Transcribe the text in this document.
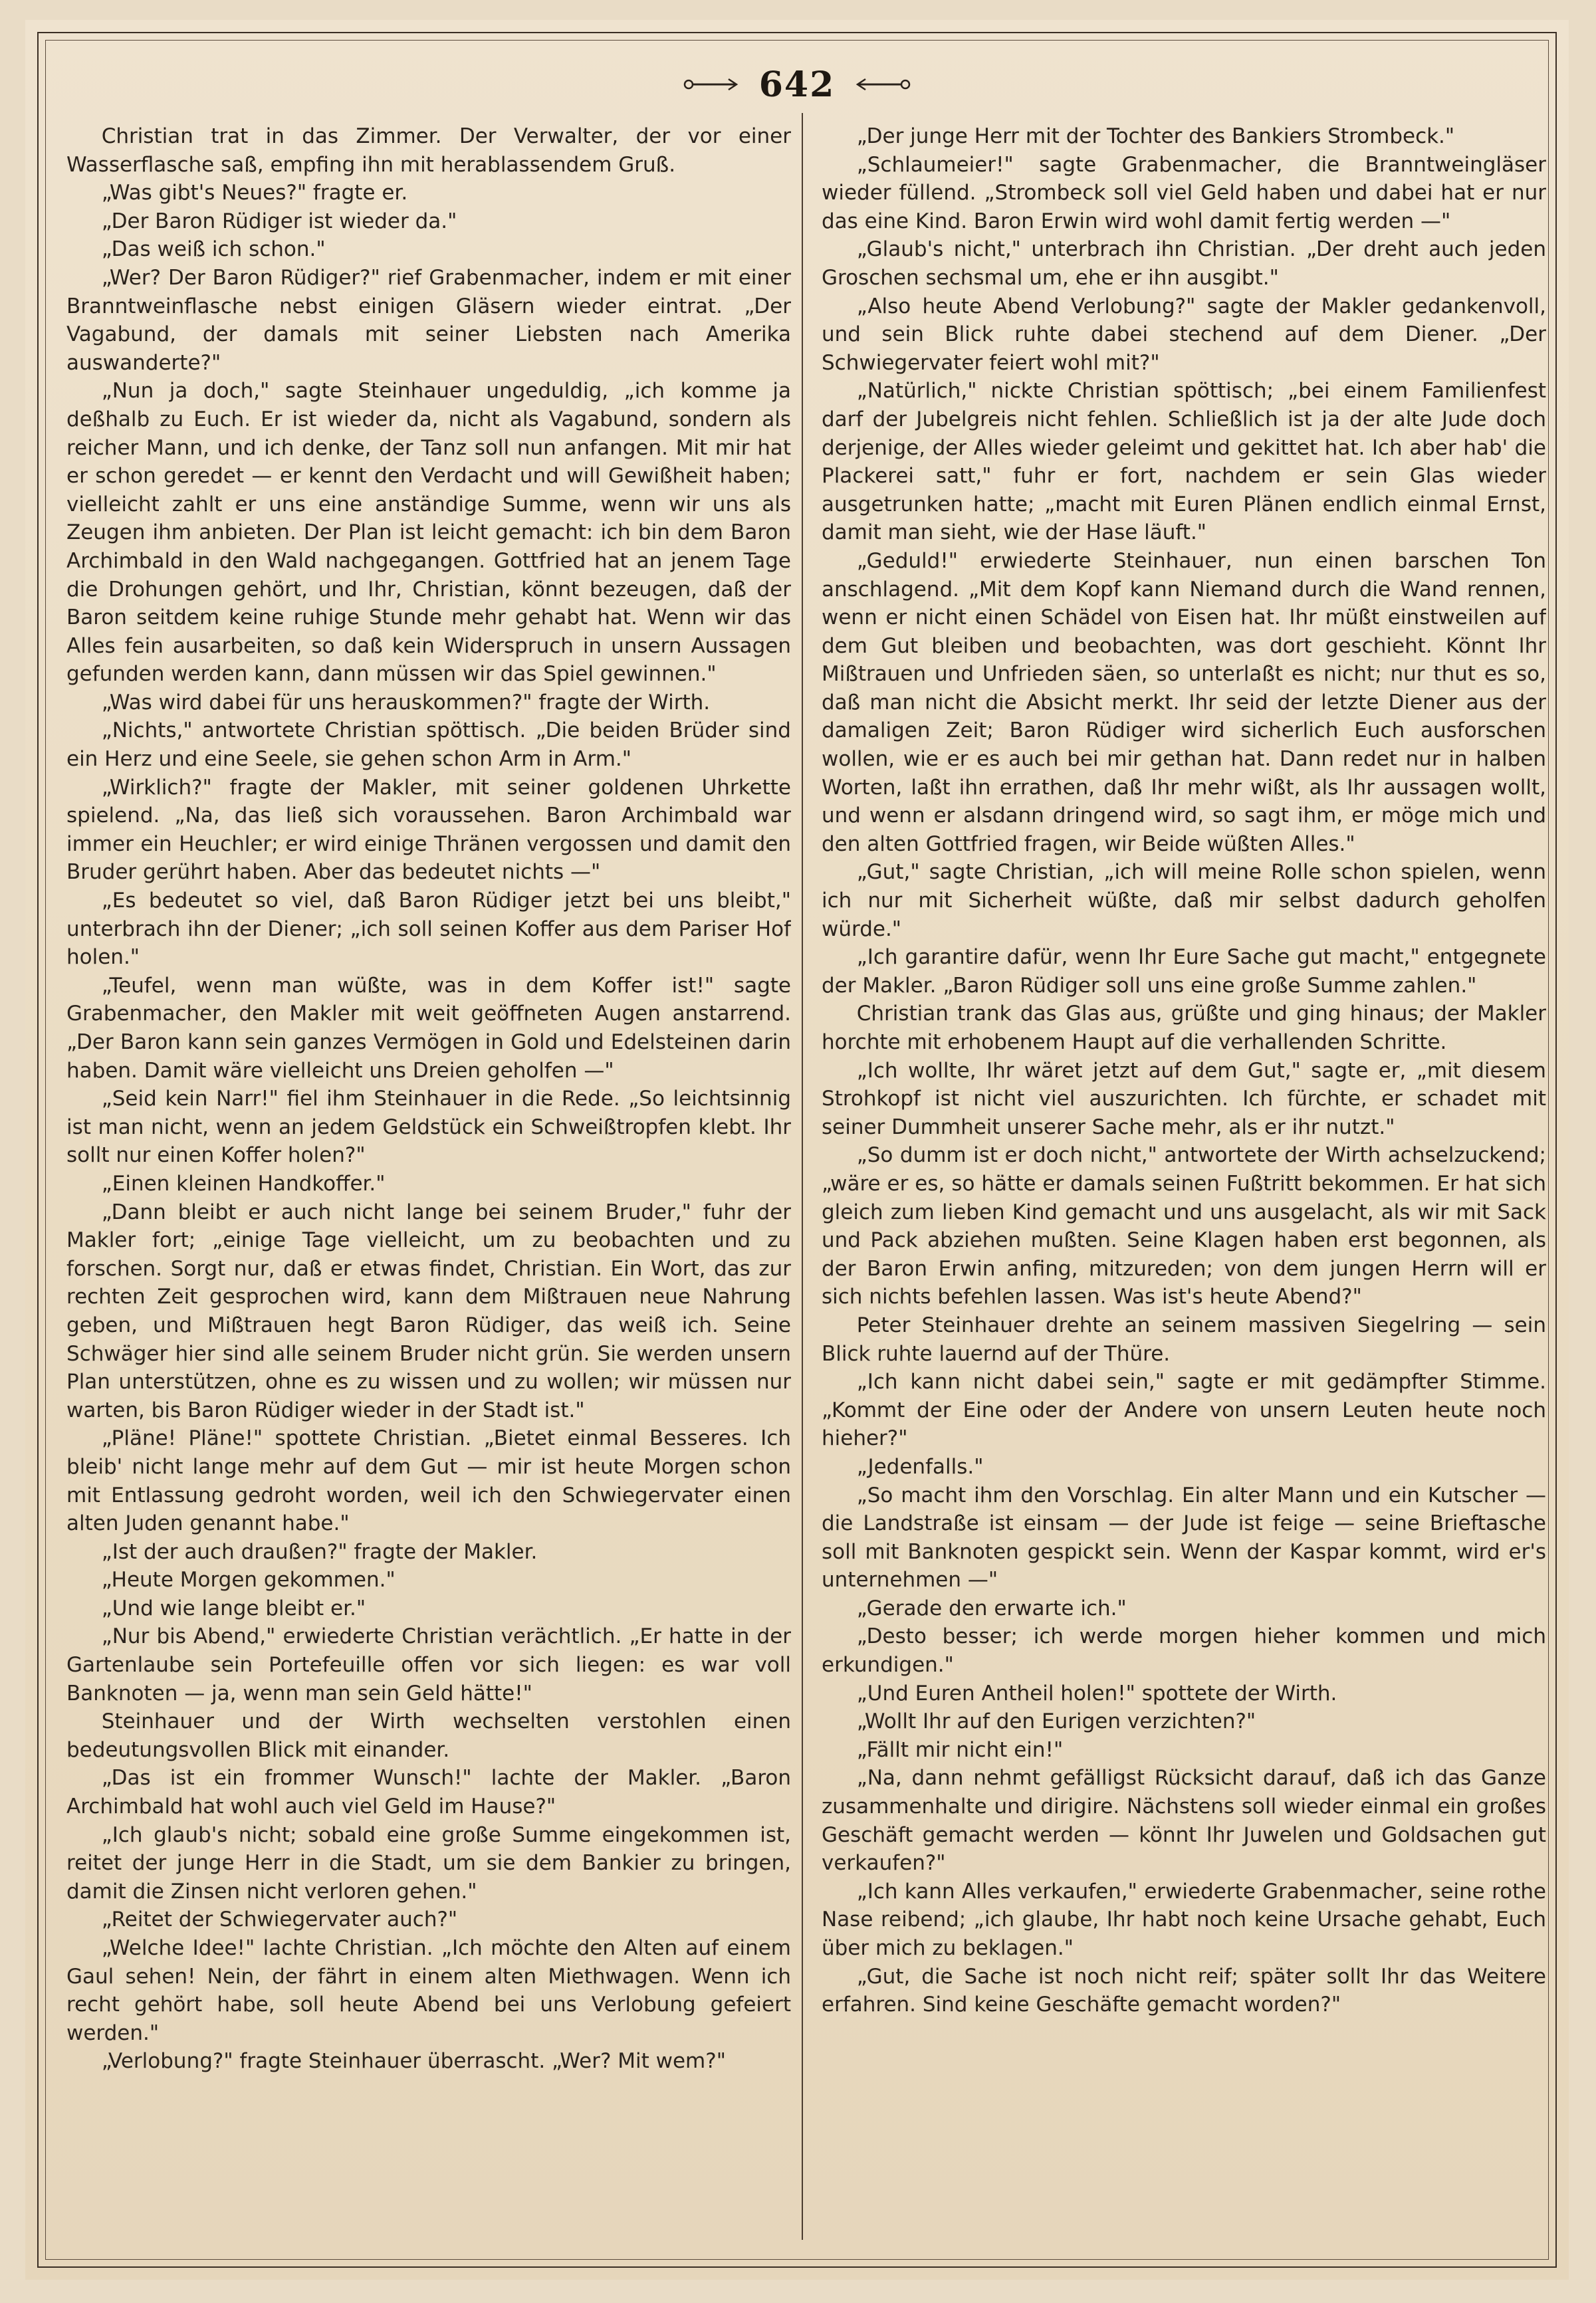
642

Christian trat in das Zimmer. Der Verwalter, der vor einer Wasserflasche saß, empfing ihn mit herablassendem Gruß.

„Was gibt's Neues?" fragte er.

„Der Baron Rüdiger ist wieder da."

„Das weiß ich schon."

„Wer? Der Baron Rüdiger?" rief Grabenmacher, indem er mit einer Branntweinflasche nebst einigen Gläsern wieder eintrat. „Der Vagabund, der damals mit seiner Liebsten nach Amerika auswanderte?"

„Nun ja doch," sagte Steinhauer ungeduldig, „ich komme ja deßhalb zu Euch. Er ist wieder da, nicht als Vagabund, sondern als reicher Mann, und ich denke, der Tanz soll nun anfangen. Mit mir hat er schon geredet — er kennt den Verdacht und will Gewißheit haben; vielleicht zahlt er uns eine anständige Summe, wenn wir uns als Zeugen ihm anbieten. Der Plan ist leicht gemacht: ich bin dem Baron Archimbald in den Wald nachgegangen. Gottfried hat an jenem Tage die Drohungen gehört, und Ihr, Christian, könnt bezeugen, daß der Baron seitdem keine ruhige Stunde mehr gehabt hat. Wenn wir das Alles fein ausarbeiten, so daß kein Widerspruch in unsern Aussagen gefunden werden kann, dann müssen wir das Spiel gewinnen."

„Was wird dabei für uns herauskommen?" fragte der Wirth.

„Nichts," antwortete Christian spöttisch. „Die beiden Brüder sind ein Herz und eine Seele, sie gehen schon Arm in Arm."

„Wirklich?" fragte der Makler, mit seiner goldenen Uhrkette spielend. „Na, das ließ sich voraussehen. Baron Archimbald war immer ein Heuchler; er wird einige Thränen vergossen und damit den Bruder gerührt haben. Aber das bedeutet nichts —"

„Es bedeutet so viel, daß Baron Rüdiger jetzt bei uns bleibt," unterbrach ihn der Diener; „ich soll seinen Koffer aus dem Pariser Hof holen."

„Teufel, wenn man wüßte, was in dem Koffer ist!" sagte Grabenmacher, den Makler mit weit geöffneten Augen anstarrend. „Der Baron kann sein ganzes Vermögen in Gold und Edelsteinen darin haben. Damit wäre vielleicht uns Dreien geholfen —"

„Seid kein Narr!" fiel ihm Steinhauer in die Rede. „So leichtsinnig ist man nicht, wenn an jedem Geldstück ein Schweißtropfen klebt. Ihr sollt nur einen Koffer holen?"

„Einen kleinen Handkoffer."

„Dann bleibt er auch nicht lange bei seinem Bruder," fuhr der Makler fort; „einige Tage vielleicht, um zu beobachten und zu forschen. Sorgt nur, daß er etwas findet, Christian. Ein Wort, das zur rechten Zeit gesprochen wird, kann dem Mißtrauen neue Nahrung geben, und Mißtrauen hegt Baron Rüdiger, das weiß ich. Seine Schwäger hier sind alle seinem Bruder nicht grün. Sie werden unsern Plan unterstützen, ohne es zu wissen und zu wollen; wir müssen nur warten, bis Baron Rüdiger wieder in der Stadt ist."

„Pläne! Pläne!" spottete Christian. „Bietet einmal Besseres. Ich bleib' nicht lange mehr auf dem Gut — mir ist heute Morgen schon mit Entlassung gedroht worden, weil ich den Schwiegervater einen alten Juden genannt habe."

„Ist der auch draußen?" fragte der Makler.

„Heute Morgen gekommen."

„Und wie lange bleibt er."

„Nur bis Abend," erwiederte Christian verächtlich. „Er hatte in der Gartenlaube sein Portefeuille offen vor sich liegen: es war voll Banknoten — ja, wenn man sein Geld hätte!"

Steinhauer und der Wirth wechselten verstohlen einen bedeutungsvollen Blick mit einander.

„Das ist ein frommer Wunsch!" lachte der Makler. „Baron Archimbald hat wohl auch viel Geld im Hause?"

„Ich glaub's nicht; sobald eine große Summe eingekommen ist, reitet der junge Herr in die Stadt, um sie dem Bankier zu bringen, damit die Zinsen nicht verloren gehen."

„Reitet der Schwiegervater auch?"

„Welche Idee!" lachte Christian. „Ich möchte den Alten auf einem Gaul sehen! Nein, der fährt in einem alten Miethwagen. Wenn ich recht gehört habe, soll heute Abend bei uns Verlobung gefeiert werden."

„Verlobung?" fragte Steinhauer überrascht. „Wer? Mit wem?"

„Der junge Herr mit der Tochter des Bankiers Strombeck."

„Schlaumeier!" sagte Grabenmacher, die Branntweingläser wieder füllend. „Strombeck soll viel Geld haben und dabei hat er nur das eine Kind. Baron Erwin wird wohl damit fertig werden —"

„Glaub's nicht," unterbrach ihn Christian. „Der dreht auch jeden Groschen sechsmal um, ehe er ihn ausgibt."

„Also heute Abend Verlobung?" sagte der Makler gedankenvoll, und sein Blick ruhte dabei stechend auf dem Diener. „Der Schwiegervater feiert wohl mit?"

„Natürlich," nickte Christian spöttisch; „bei einem Familienfest darf der Jubelgreis nicht fehlen. Schließlich ist ja der alte Jude doch derjenige, der Alles wieder geleimt und gekittet hat. Ich aber hab' die Plackerei satt," fuhr er fort, nachdem er sein Glas wieder ausgetrunken hatte; „macht mit Euren Plänen endlich einmal Ernst, damit man sieht, wie der Hase läuft."

„Geduld!" erwiederte Steinhauer, nun einen barschen Ton anschlagend. „Mit dem Kopf kann Niemand durch die Wand rennen, wenn er nicht einen Schädel von Eisen hat. Ihr müßt einstweilen auf dem Gut bleiben und beobachten, was dort geschieht. Könnt Ihr Mißtrauen und Unfrieden säen, so unterlaßt es nicht; nur thut es so, daß man nicht die Absicht merkt. Ihr seid der letzte Diener aus der damaligen Zeit; Baron Rüdiger wird sicherlich Euch ausforschen wollen, wie er es auch bei mir gethan hat. Dann redet nur in halben Worten, laßt ihn errathen, daß Ihr mehr wißt, als Ihr aussagen wollt, und wenn er alsdann dringend wird, so sagt ihm, er möge mich und den alten Gottfried fragen, wir Beide wüßten Alles."

„Gut," sagte Christian, „ich will meine Rolle schon spielen, wenn ich nur mit Sicherheit wüßte, daß mir selbst dadurch geholfen würde."

„Ich garantire dafür, wenn Ihr Eure Sache gut macht," entgegnete der Makler. „Baron Rüdiger soll uns eine große Summe zahlen."

Christian trank das Glas aus, grüßte und ging hinaus; der Makler horchte mit erhobenem Haupt auf die verhallenden Schritte.

„Ich wollte, Ihr wäret jetzt auf dem Gut," sagte er, „mit diesem Strohkopf ist nicht viel auszurichten. Ich fürchte, er schadet mit seiner Dummheit unserer Sache mehr, als er ihr nutzt."

„So dumm ist er doch nicht," antwortete der Wirth achselzuckend; „wäre er es, so hätte er damals seinen Fußtritt bekommen. Er hat sich gleich zum lieben Kind gemacht und uns ausgelacht, als wir mit Sack und Pack abziehen mußten. Seine Klagen haben erst begonnen, als der Baron Erwin anfing, mitzureden; von dem jungen Herrn will er sich nichts befehlen lassen. Was ist's heute Abend?"

Peter Steinhauer drehte an seinem massiven Siegelring — sein Blick ruhte lauernd auf der Thüre.

„Ich kann nicht dabei sein," sagte er mit gedämpfter Stimme. „Kommt der Eine oder der Andere von unsern Leuten heute noch hieher?"

„Jedenfalls."

„So macht ihm den Vorschlag. Ein alter Mann und ein Kutscher — die Landstraße ist einsam — der Jude ist feige — seine Brieftasche soll mit Banknoten gespickt sein. Wenn der Kaspar kommt, wird er's unternehmen —"

„Gerade den erwarte ich."

„Desto besser; ich werde morgen hieher kommen und mich erkundigen."

„Und Euren Antheil holen!" spottete der Wirth.

„Wollt Ihr auf den Eurigen verzichten?"

„Fällt mir nicht ein!"

„Na, dann nehmt gefälligst Rücksicht darauf, daß ich das Ganze zusammenhalte und dirigire. Nächstens soll wieder einmal ein großes Geschäft gemacht werden — könnt Ihr Juwelen und Goldsachen gut verkaufen?"

„Ich kann Alles verkaufen," erwiederte Grabenmacher, seine rothe Nase reibend; „ich glaube, Ihr habt noch keine Ursache gehabt, Euch über mich zu beklagen."

„Gut, die Sache ist noch nicht reif; später sollt Ihr das Weitere erfahren. Sind keine Geschäfte gemacht worden?"
